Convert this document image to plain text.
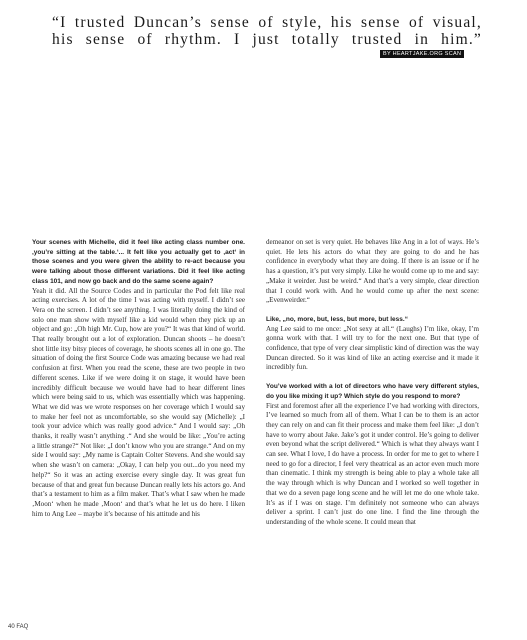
“I trusted Duncan’s sense of style, his sense of visual,
his sense of rhythm. I just totally trusted in him.”
BY HEARTJAKE.ORG SCAN

Your scenes with Michelle, did it feel like acting class number one. ‚you’re sitting at the table.‘... It felt like you actually get to ‚act‘ in those scenes and you were given the ability to re-act because you were talking about those different variations. Did it feel like acting class 101, and now go back and do the same scene again?

Yeah it did. All the Source Codes and in particular the Pod felt like real acting exercises. A lot of the time I was acting with myself. I didn’t see Vera on the screen. I didn’t see anything. I was literally doing the kind of solo one man show with myself like a kid would when they pick up an object and go: „Oh high Mr. Cup, how are you?“ It was that kind of world. That really brought out a lot of exploration. Duncan shoots – he doesn’t shot little itsy bitsy pieces of coverage, he shoots scenes all in one go. The situation of doing the first Source Code was amazing because we had real confusion at first. When you read the scene, these are two people in two different scenes. Like if we were doing it on stage, it would have been incredibly difficult because we would have had to hear different lines which were being said to us, which was essentially which was happening. What we did was we wrote responses on her coverage which I would say to make her feel not as uncomfortable, so she would say (Michelle): „I took your advice which was really good advice.“ And I would say: „Oh thanks, it really wasn’t anything .“ And she would be like: „You’re acting a little strange?“ Not like: „I don’t know who you are strange.“ And on my side I would say: „My name is Captain Colter Stevens. And she would say when she wasn’t on camera: „Okay, I can help you out...do you need my help?“ So it was an acting exercise every single day. It was great fun because of that and great fun because Duncan really lets his actors go. And that’s a testament to him as a film maker. That’s what I saw when he made ‚Moon‘ when he made ‚Moon‘ and that’s what he let us do here. I liken him to Ang Lee – maybe it’s because of his attitude and his

demeanor on set is very quiet. He behaves like Ang in a lot of ways. He’s quiet. He lets his actors do what they are going to do and he has confidence in everybody what they are doing. If there is an issue or if he has a question, it’s put very simply. Like he would come up to me and say: „Make it weirder. Just be weird.“ And that’s a very simple, clear direction that I could work with. And he would come up after the next scene: „Evenweirder.“

Like, „no, more, but, less, but more, but less.“

Ang Lee said to me once: „Not sexy at all.“ (Laughs) I’m like, okay, I’m gonna work with that. I will try to for the next one. But that type of confidence, that type of very clear simplistic kind of direction was the way Duncan directed. So it was kind of like an acting exercise and it made it incredibly fun.

You’ve worked with a lot of directors who have very different styles, do you like mixing it up? Which style do you respond to more?

First and foremost after all the experience I’ve had working with directors, I’ve learned so much from all of them. What I can be to them is an actor they can rely on and can fit their process and make them feel like: „I don’t have to worry about Jake. Jake’s got it under control. He’s going to deliver even beyond what the script delivered.“ Which is what they always want I can see. What I love, I do have a process. In order for me to get to where I need to go for a director, I feel very theatrical as an actor even much more than cinematic. I think my strength is being able to play a whole take all the way through which is why Duncan and I worked so well together in that we do a seven page long scene and he will let me do one whole take. It’s as if I was on stage. I’m definitely not someone who can always deliver a sprint. I can’t just do one line. I find the line through the understanding of the whole scene. It could mean that

40 FAQ
